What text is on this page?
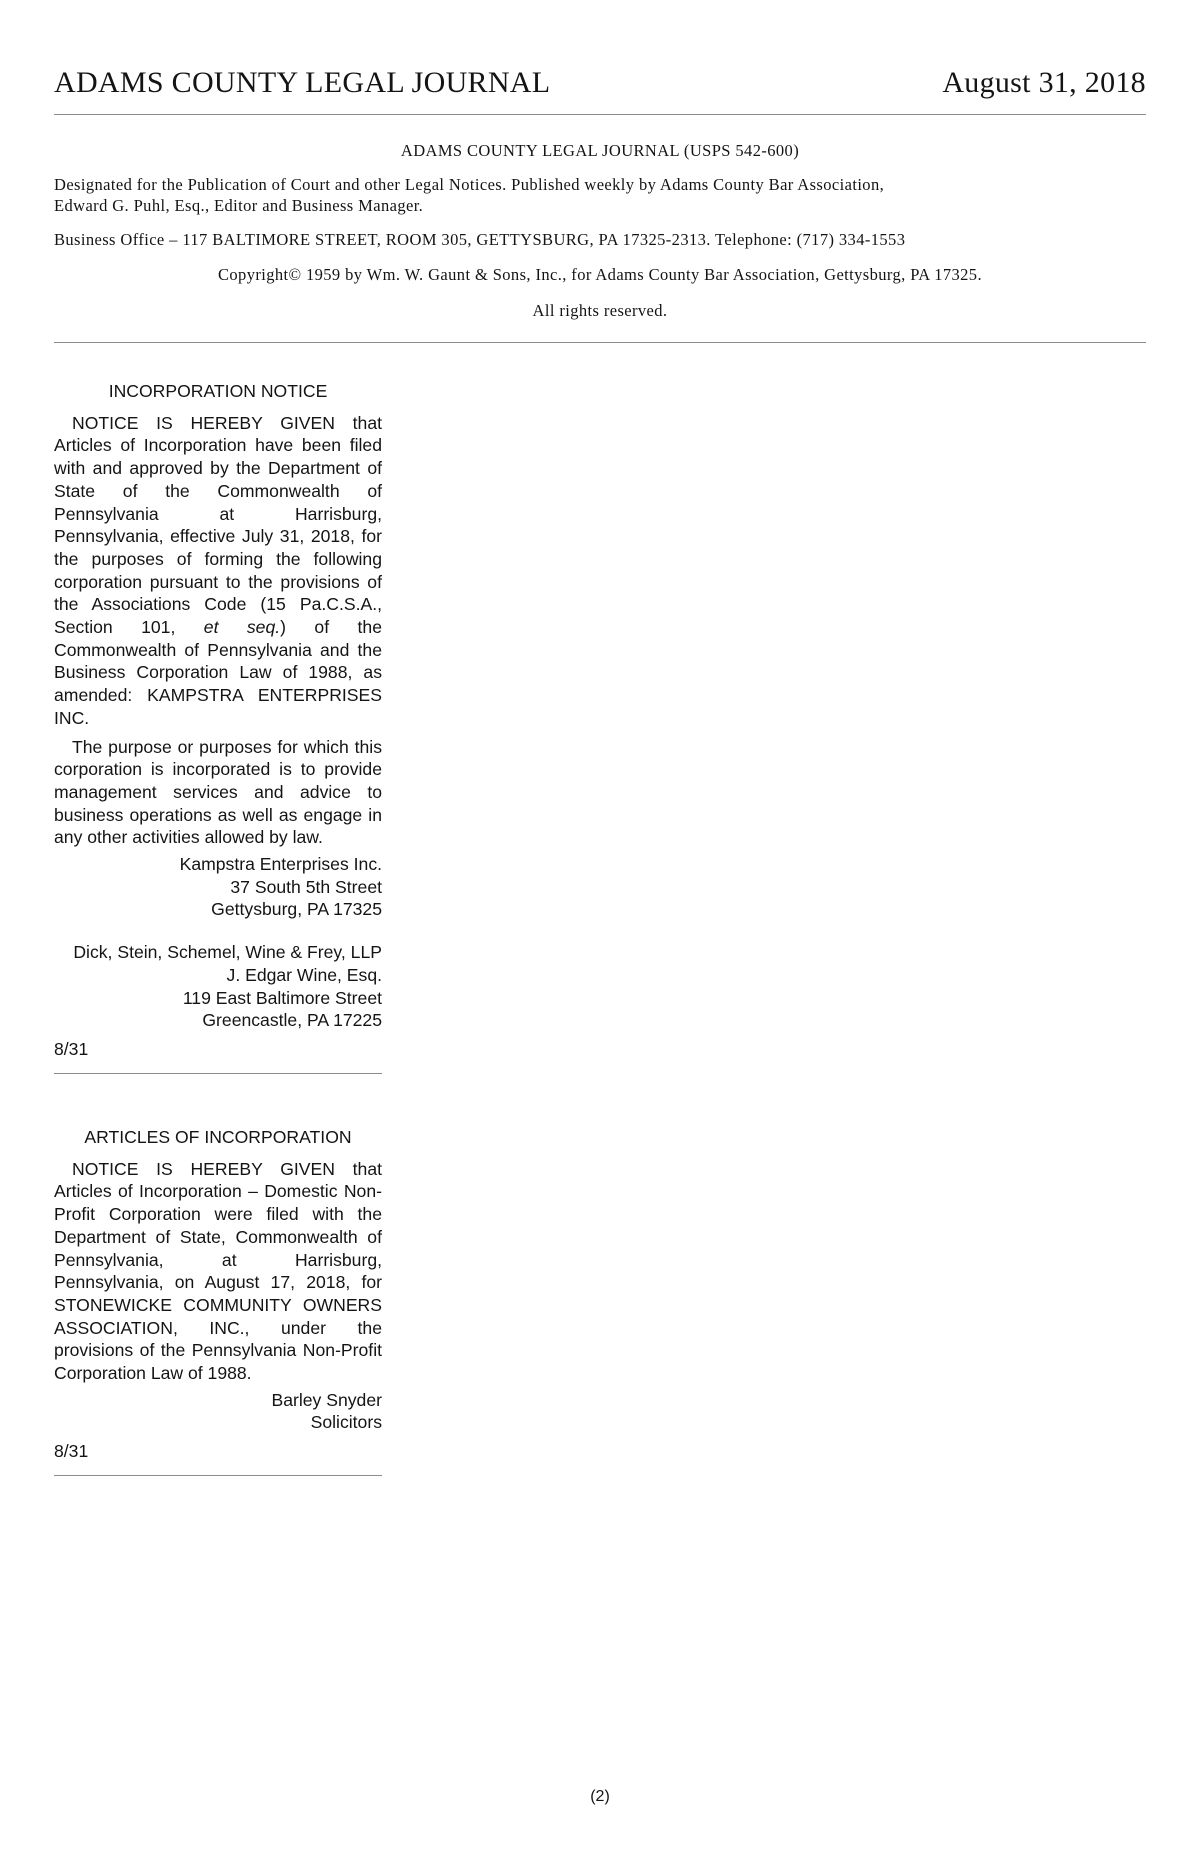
ADAMS COUNTY LEGAL JOURNAL	August 31, 2018
ADAMS COUNTY LEGAL JOURNAL (USPS 542-600)
Designated for the Publication of Court and other Legal Notices. Published weekly by Adams County Bar Association,
Edward G. Puhl, Esq., Editor and Business Manager.
Business Office – 117 BALTIMORE STREET, ROOM 305, GETTYSBURG, PA 17325-2313. Telephone: (717) 334-1553
Copyright© 1959 by Wm. W. Gaunt & Sons, Inc., for Adams County Bar Association, Gettysburg, PA 17325.
All rights reserved.
INCORPORATION NOTICE

NOTICE IS HEREBY GIVEN that Articles of Incorporation have been filed with and approved by the Department of State of the Commonwealth of Pennsylvania at Harrisburg, Pennsylvania, effective July 31, 2018, for the purposes of forming the following corporation pursuant to the provisions of the Associations Code (15 Pa.C.S.A., Section 101, et seq.) of the Commonwealth of Pennsylvania and the Business Corporation Law of 1988, as amended: KAMPSTRA ENTERPRISES INC.

The purpose or purposes for which this corporation is incorporated is to provide management services and advice to business operations as well as engage in any other activities allowed by law.

Kampstra Enterprises Inc.
37 South 5th Street
Gettysburg, PA 17325
Dick, Stein, Schemel, Wine & Frey, LLP
J. Edgar Wine, Esq.
119 East Baltimore Street
Greencastle, PA 17225
8/31
ARTICLES OF INCORPORATION

NOTICE IS HEREBY GIVEN that Articles of Incorporation – Domestic Non-Profit Corporation were filed with the Department of State, Commonwealth of Pennsylvania, at Harrisburg, Pennsylvania, on August 17, 2018, for STONEWICKE COMMUNITY OWNERS ASSOCIATION, INC., under the provisions of the Pennsylvania Non-Profit Corporation Law of 1988.

Barley Snyder
Solicitors
8/31
(2)
